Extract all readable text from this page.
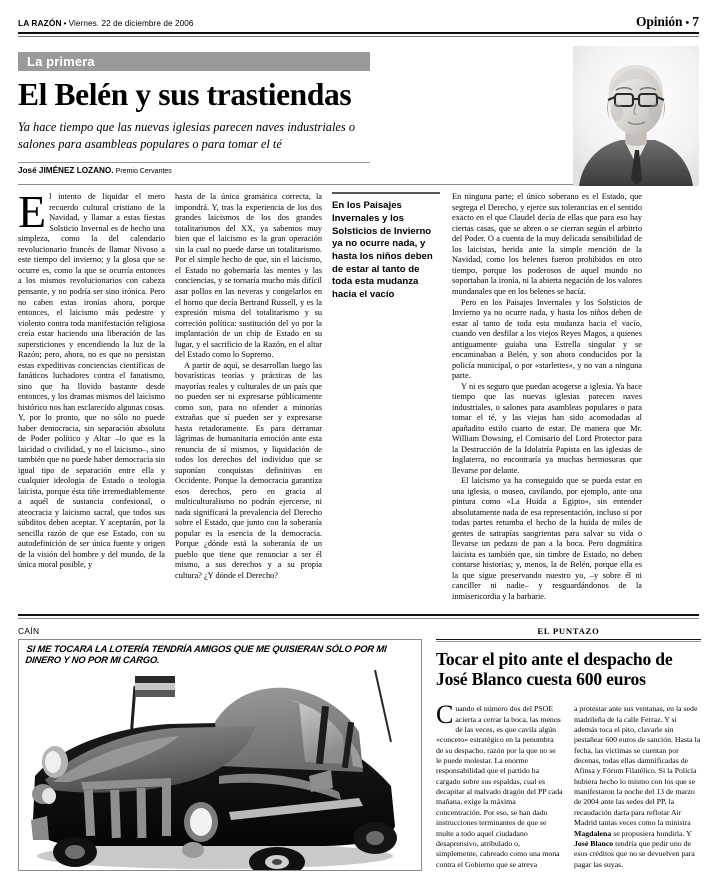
LA RAZÓN • Viernes. 22 de diciembre de 2006	Opinión • 7
La primera
El Belén y sus trastiendas
Ya hace tiempo que las nuevas iglesias parecen naves industriales o salones para asambleas populares o para tomar el té
José JIMÉNEZ LOZANO. Premio Cervantes

El intento de liquidar el mero recuerdo cultural cristiano de la Navidad, y llamar a estas fiestas Solsticio Invernal es de hecho una simpleza, como la del calendario revolucionario francés de llamar Nivoso a este tiempo del invierno; y la glosa que se ocurre es, como la que se ocurría entonces a los mismos revolucionarios con cabeza pensante, y no podría ser sino irónica. Pero no caben estas ironías ahora, porque entonces, el laicismo más pedestre y violento contra toda manifestación religiosa creía estar haciendo una liberación de las supersticiones y encendiendo la luz de la Razón; pero, ahora, no es que no persistan estas expeditivas conciencias científicas de fanáticos luchadores contra el fanatismo, sino que ha llovido bastante desde entonces, y los dramas mismos del laicismo histórico nos han esclarecido algunas cosas. Y, por lo pronto, que no sólo no puede haber democracia, sin separación absoluta de Poder político y Altar –lo que es la laicidad o civilidad, y no el laicismo–, sino también que no puede haber democracia sin igual tipo de separación entre ella y cualquier ideologia de Estado o teologia laicista, porque ésta tiñe irremediablemente a aquél de sustancia confesional, o ateocracia y laicismo sacral, que todos sus súbditos deben aceptar. Y aceptarán, por la sencilla razón de que ese Estado, con su autodefinición de ser única fuente y origen de la visión del hombre y del mundo, de la única moral posible, y

hasta de la única gramática correcta, la impondrá. Y, tras la experiencia de los dos grandes laicismos de los dos grandes totalitarismos del XX, ya sabemos muy bien que el laicismo es la gran operación sin la cual no puede darse un totalitarismo. Por el simple hecho de que, sin el laicismo, el Estado no gobernaría las mentes y las conciencias, y se tornaría mucho más difícil asar pollos en las neveras y congelarlos en el horno que decía Bertrand Russell, y es la expresión misma del totalitarismo y su correción política: sustitución del yo por la implantación de un chip de Estado en su lugar, y el sacrificio de la Razón, en el altar del Estado como lo Supremo.

A partir de aquí, se desarrollan luego las bovarísticas teorías y prácticas de las mayorías reales y culturales de un país que no pueden ser ni expresarse públicamente como son, para no ofender a minorías extrañas que sí pueden ser y expresarse hasta retadoramente. Es para derramar lágrimas de humanitaria emoción ante esta renuncia de sí mismos, y liquidación de todos los derechos del individuo que se suponían conquistas definitivas en Occidente. Porque la democracia garantiza esos derechos, pero en gracia al multiculturalismo no podrán ejercerse, ni nada significará la prevalencia del Derecho sobre el Estado, que junto con la soberanía popular es la esencia de la democracia. Porque ¿dónde está la soberanía de un pueblo que tiene que renunciar a ser él mismo, a sus derechos y a su propia cultura? ¿Y dónde el Derecho?

En los Paisajes Invernales y los Solsticios de Invierno ya no ocurre nada, y hasta los niños deben de estar al tanto de toda esta mudanza hacia el vacío

En ninguna parte; el único soberano es el Estado, que segrega el Derecho, y ejerce sus tolerancias en el sentido exacto en el que Claudel decía de ellas que para eso hay ciertas casas, que se abren o se cierran según el arbitrio del Poder. O a cuenta de la muy delicada sensibilidad de los laicistas, herida ante la simple mención de la Navidad, como los belenes fueron prohibidos en otro tiempo, porque los poderosos de aquel mundo no soportaban la ironía, ni la abierta negación de los valores mundanales que en los belenes se hacía.

Pero en los Paisajes Invernales y los Solsticios de Invierno ya no ocurre nada, y hasta los niños deben de estar al tanto de toda esta mudanza hacia el vacío, cuando ven desfilar a los viejos Reyes Magos, a quienes antiguamente guiaba una Estrella singular y se encaminaban a Belén, y son ahora conducidos por la policía municipal, o por «starlettes», y no van a ninguna parte.

Y ni es seguro que puedan acogerse a iglesia. Ya hace tiempo que las nuevas iglesias parecen naves industriales, o salones para asambleas populares o para tomar el té, y las viejas han sido acomodadas al apañadito estilo cuarto de estar. De manera que Mr. William Dowsing, el Comisario del Lord Protector para la Destrucción de la Idolatría Papista en las iglesias de Inglaterra, no encontraría ya muchas hermosuras que llevarse por delante.

El laicismo ya ha conseguido que se pueda estar en una iglesia, o museo, cavilando, por ejemplo, ante una pintura como «La Huida a Egipto», sin entender absolutamente nada de esa representación, incluso si por todas partes retumba el hecho de la huida de miles de gentes de satrapías sangrientas para salvar su vida o llevarse un pedazo de pan a la boca. Pero dogmática laicista es también que, sin timbre de Estado, no deben contarse historias; y, menos, la de Belén, porque ella es la que sigue preservando nuestro yo, –y sobre él ni canciller ni nadie– y resguardándonos de la inmisericordia y la barbarie.

CAÍN
SI ME TOCARA LA LOTERÍA TENDRÍA AMIGOS QUE ME QUISIERAN SÓLO POR MI DINERO Y NO POR MI CARGO.
EL PUNTAZO
Tocar el pito ante el despacho de José Blanco cuesta 600 euros

Cuando el número dos del PSOE acierta a cerrar la boca, las menos de las veces, es que cavila algún «conceto» estratégico en la penumbra de su despacho, razón por la que no se le puede molestar. La enorme responsabilidad que el partido ha cargado sobre sus espaldas, cual es decapitar al malvado dragón del PP cada mañana, exige la máxima concentración. Por eso, se han dado instrucciones terminantes de que se multe a todo aquel ciudadano desaprensivo, atribulado o, simplemente, cabreado como una mona contra el Gobierno que se atreva

a protestar ante sus ventanas, en la sede madrileña de la calle Ferraz. Y si además toca el pito, clavarle sin pestañear 600 euros de sanción. Hasta la fecha, las víctimas se cuentan por decenas, todas ellas damnificadas de Afinsa y Fórum Filatélico. Si la Policía hubiera hecho lo mismo con los que se manifestaron la noche del 13 de marzo de 2004 ante las sedes del PP, la recaudación daría para reflotar Air Madrid tantas veces como la ministra Magdalena se propusiera hundirla. Y José Blanco tendría que pedir uno de esos créditos que no se devuelven para pagar las suyas.
